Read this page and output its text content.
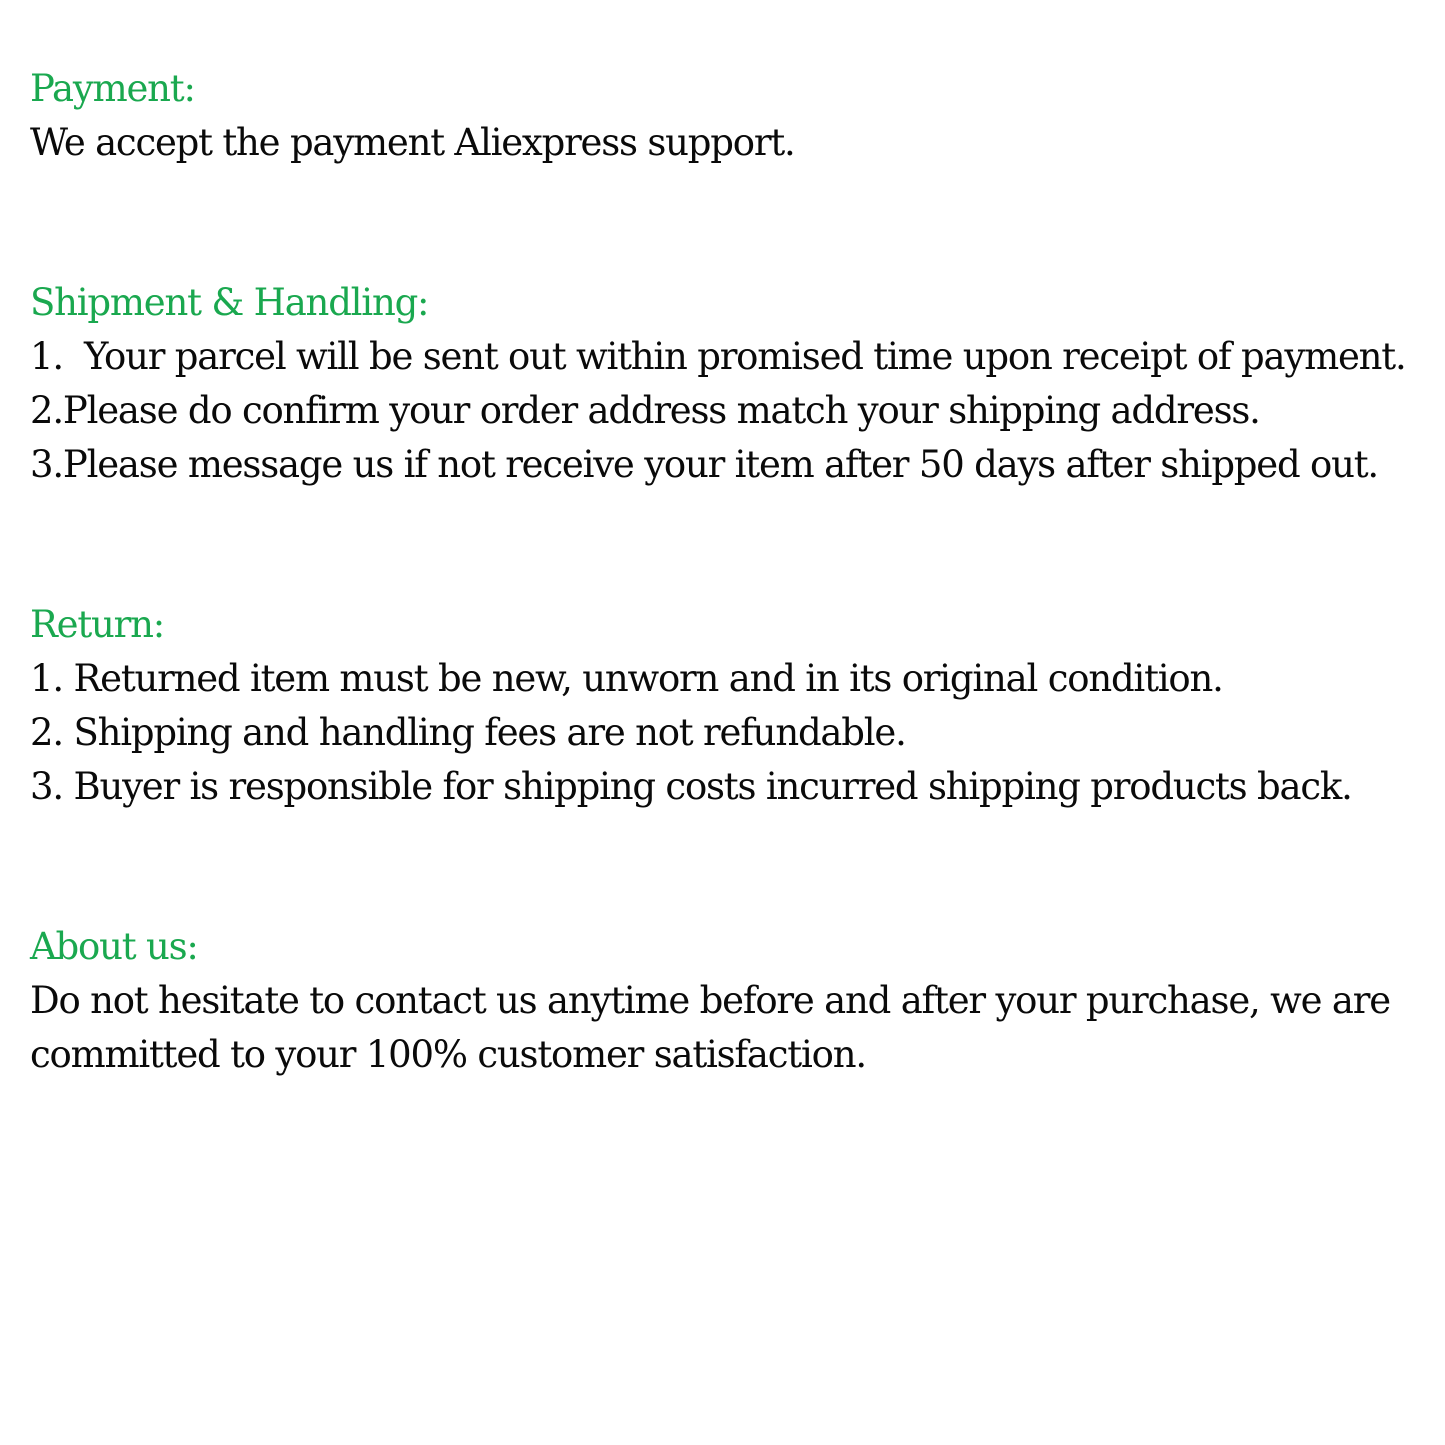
Payment:

We accept the payment Aliexpress support.

Shipment & Handling:

1.  Your parcel will be sent out within promised time upon receipt of payment.

2.Please do confirm your order address match your shipping address.

3.Please message us if not receive your item after 50 days after shipped out.

Return:

1. Returned item must be new, unworn and in its original condition.

2. Shipping and handling fees are not refundable.

3. Buyer is responsible for shipping costs incurred shipping products back.

About us:

Do not hesitate to contact us anytime before and after your purchase, we are

committed to your 100% customer satisfaction.
